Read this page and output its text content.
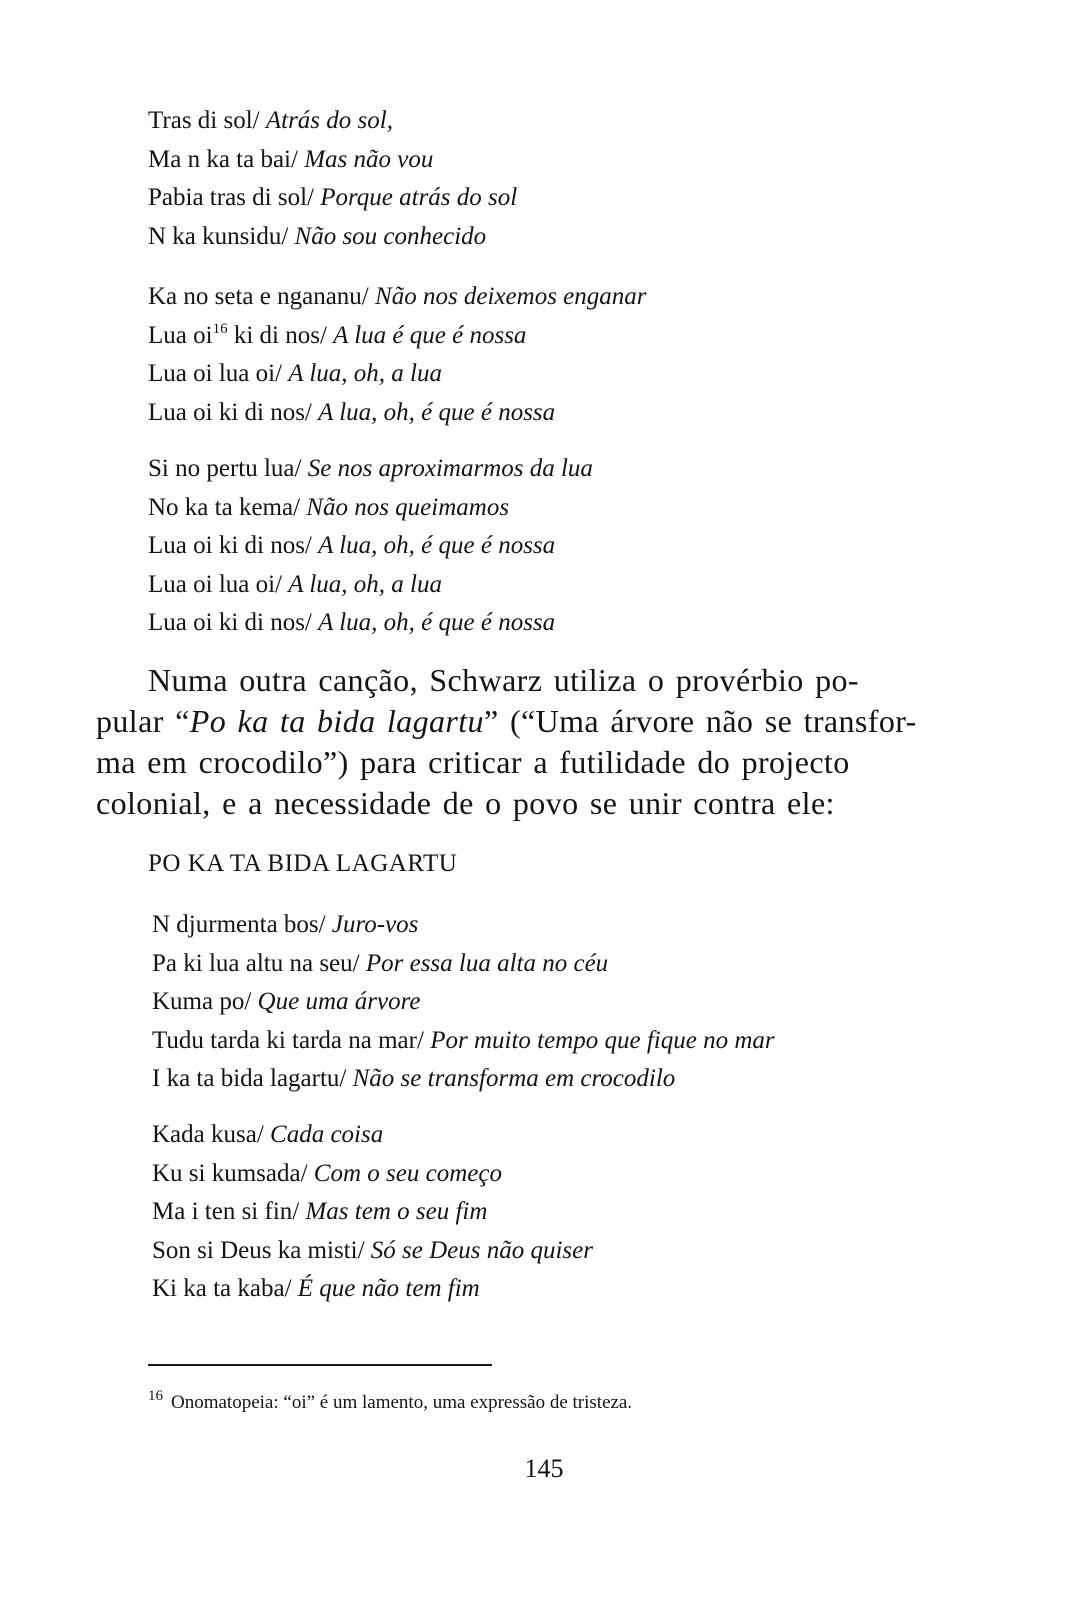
Tras di sol/ Atrás do sol,
Ma n ka ta bai/ Mas não vou
Pabia tras di sol/ Porque atrás do sol
N ka kunsidu/ Não sou conhecido
Ka no seta e ngananu/ Não nos deixemos enganar
Lua $oi^{16}$ ki di nos/ A lua é que é nossa
Lua oi lua oi/ A lua, oh, a lua
Lua oi ki di nos/ A lua, oh, é que é nossa
Si no pertu lua/ Se nos aproximarmos da lua
No ka ta kema/ Não nos queimamos
Lua oi ki di nos/ A lua, oh, é que é nossa
Lua oi lua oi/ A lua, oh, a lua
Lua oi ki di nos/ A lua, oh, é que é nossa
Numa outra canção, Schwarz utiliza o provérbio po-
pular “Po ka ta bida lagartu” (“Uma árvore não se transfor-
ma em crocodilo”) para criticar a futilidade do projecto
colonial, e a necessidade de o povo se unir contra ele:
PO KA TA BIDA LAGARTU
N djurmenta bos/ Juro-vos
Pa ki lua altu na seu/ Por essa lua alta no céu
Kuma po/ Que uma árvore
Tudu tarda ki tarda na mar/ Por muito tempo que fique no mar
I ka ta bida lagartu/ Não se transforma em crocodilo
Kada kusa/ Cada coisa
Ku si kumsada/ Com o seu começo
Ma i ten si fin/ Mas tem o seu fim
Son si Deus ka misti/ Só se Deus não quiser
Ki ka ta kaba/ É que não tem fim
$^{16}$ Onomatopeia: “oi” é um lamento, uma expressão de tristeza.
145
